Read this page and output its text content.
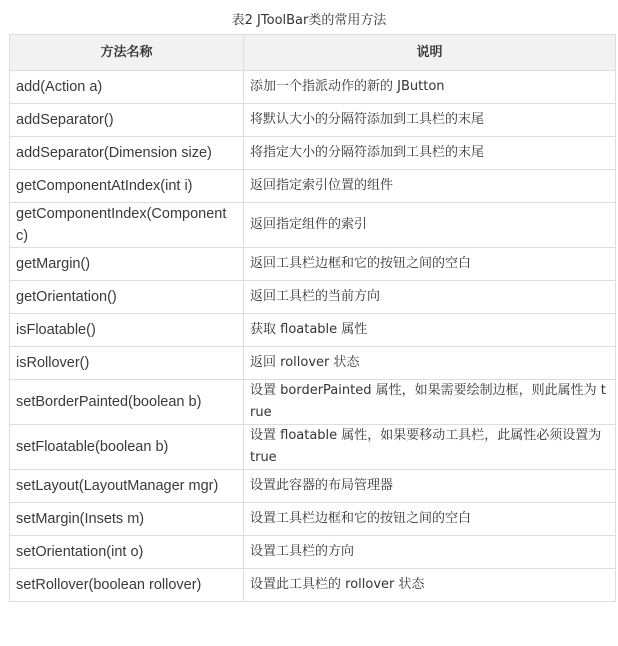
表2 JToolBar类的常用方法
方法名称	说明
add(Action a)	添加一个指派动作的新的 JButton
addSeparator()	将默认大小的分隔符添加到工具栏的末尾
addSeparator(Dimension size)	将指定大小的分隔符添加到工具栏的末尾
getComponentAtIndex(int i)	返回指定索引位置的组件
getComponentIndex(Component c)	返回指定组件的索引
getMargin()	返回工具栏边框和它的按钮之间的空白
getOrientation()	返回工具栏的当前方向
isFloatable()	获取 floatable 属性
isRollover()	返回 rollover 状态
setBorderPainted(boolean b)	设置 borderPainted 属性，如果需要绘制边框，则此属性为 true
setFloatable(boolean b)	设置 floatable 属性，如果要移动工具栏，此属性必须设置为 true
setLayout(LayoutManager mgr)	设置此容器的布局管理器
setMargin(Insets m)	设置工具栏边框和它的按钮之间的空白
setOrientation(int o)	设置工具栏的方向
setRollover(boolean rollover)	设置此工具栏的 rollover 状态
